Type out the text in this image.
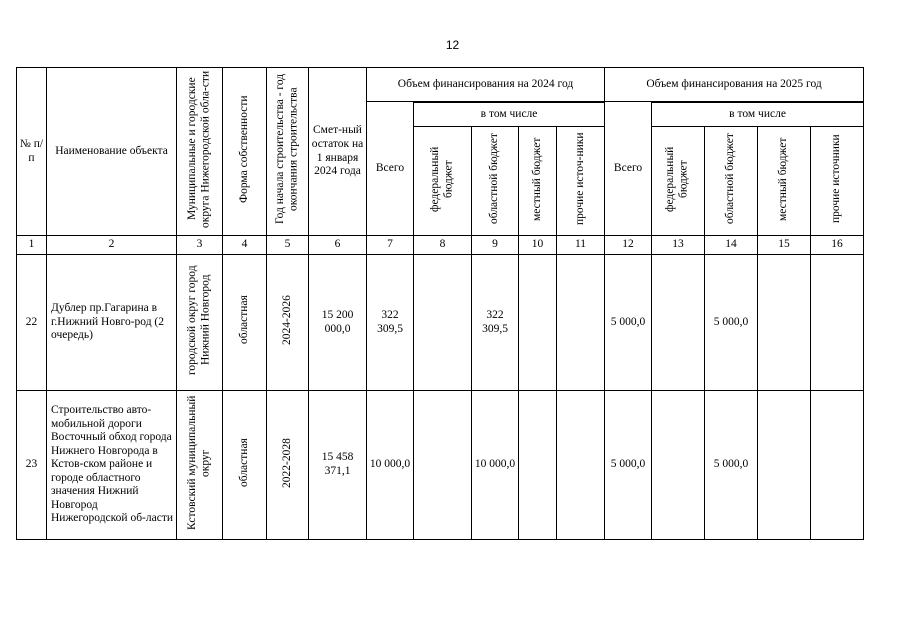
12
№ п/п	Наименование объекта	Муниципальные и городские округа Нижегородской обла-сти	Форма собственности	Год начала строительства - год окончания строительства	Смет-ный остаток на 1 января 2024 года	Объем финансирования на 2024 год					Объем финансирования на 2025 год				
						Всего					Всего				
							в том числе					в том числе			
							федеральный бюджет	областной бюджет	местный бюджет	прочие источ-ники		федеральный бюджет	областной бюджет	местный бюджет	прочие источники
1	2	3	4	5	6	7	8	9	10	11	12	13	14	15	16
22	Дублер пр.Гагарина в г.Нижний Новго-род (2 очередь)	городской округ город Нижний Новгород	областная	2024-2026	15 200 000,0	322 309,5		322 309,5			5 000,0		5 000,0		
23	Строительство авто-мобильной дороги Восточный обход города Нижнего Новгорода в Кстов-ском районе и городе областного значения Нижний Новгород Нижегородской об-ласти	Кстовский муниципальный округ	областная	2022-2028	15 458 371,1	10 000,0		10 000,0			5 000,0		5 000,0		
